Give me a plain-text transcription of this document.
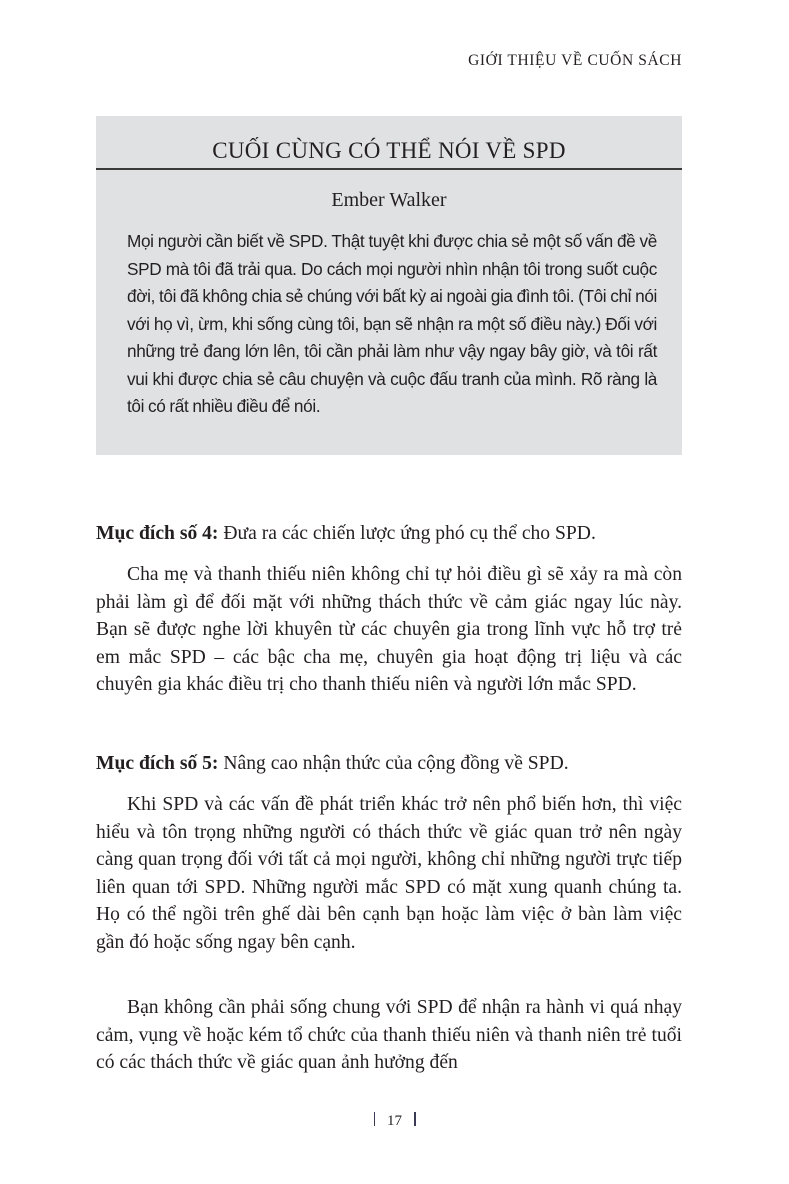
GIỚI THIỆU VỀ CUỐN SÁCH
CUỐI CÙNG CÓ THỂ NÓI VỀ SPD
Ember Walker
Mọi người cần biết về SPD. Thật tuyệt khi được chia sẻ một số vấn đề về SPD mà tôi đã trải qua. Do cách mọi người nhìn nhận tôi trong suốt cuộc đời, tôi đã không chia sẻ chúng với bất kỳ ai ngoài gia đình tôi. (Tôi chỉ nói với họ vì, ừm, khi sống cùng tôi, bạn sẽ nhận ra một số điều này.) Đối với những trẻ đang lớn lên, tôi cần phải làm như vậy ngay bây giờ, và tôi rất vui khi được chia sẻ câu chuyện và cuộc đấu tranh của mình. Rõ ràng là tôi có rất nhiều điều để nói.

Mục đích số 4: Đưa ra các chiến lược ứng phó cụ thể cho SPD.

Cha mẹ và thanh thiếu niên không chỉ tự hỏi điều gì sẽ xảy ra mà còn phải làm gì để đối mặt với những thách thức về cảm giác ngay lúc này. Bạn sẽ được nghe lời khuyên từ các chuyên gia trong lĩnh vực hỗ trợ trẻ em mắc SPD – các bậc cha mẹ, chuyên gia hoạt động trị liệu và các chuyên gia khác điều trị cho thanh thiếu niên và người lớn mắc SPD.

Mục đích số 5: Nâng cao nhận thức của cộng đồng về SPD.

Khi SPD và các vấn đề phát triển khác trở nên phổ biến hơn, thì việc hiểu và tôn trọng những người có thách thức về giác quan trở nên ngày càng quan trọng đối với tất cả mọi người, không chỉ những người trực tiếp liên quan tới SPD. Những người mắc SPD có mặt xung quanh chúng ta. Họ có thể ngồi trên ghế dài bên cạnh bạn hoặc làm việc ở bàn làm việc gần đó hoặc sống ngay bên cạnh.

Bạn không cần phải sống chung với SPD để nhận ra hành vi quá nhạy cảm, vụng về hoặc kém tổ chức của thanh thiếu niên và thanh niên trẻ tuổi có các thách thức về giác quan ảnh hưởng đến

17
